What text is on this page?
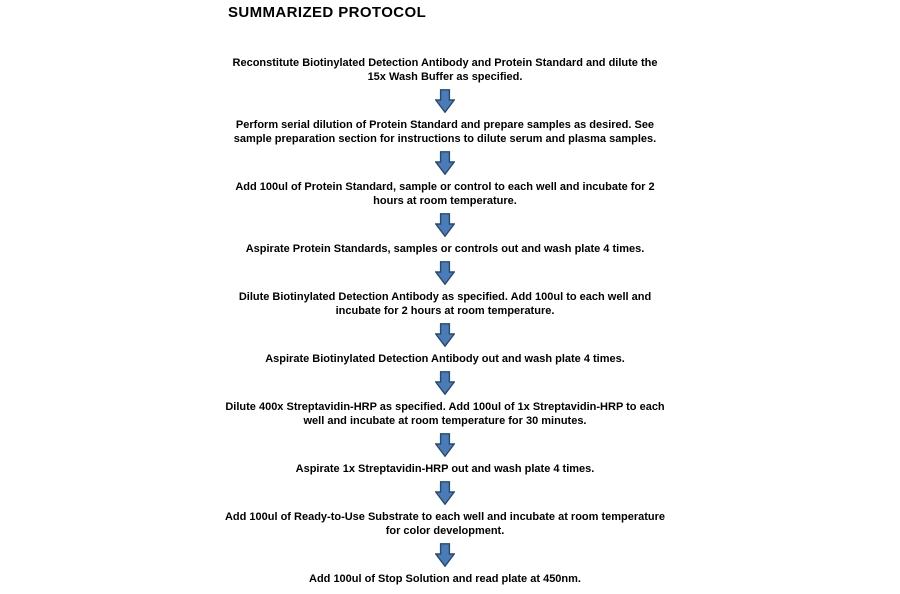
SUMMARIZED PROTOCOL
Reconstitute Biotinylated Detection Antibody and Protein Standard and dilute the 15x Wash Buffer as specified.
Perform serial dilution of Protein Standard and prepare samples as desired. See sample preparation section for instructions to dilute serum and plasma samples.
Add 100ul of Protein Standard, sample or control to each well and incubate for 2 hours at room temperature.
Aspirate Protein Standards, samples or controls out and wash plate 4 times.
Dilute Biotinylated Detection Antibody as specified. Add 100ul to each well and incubate for 2 hours at room temperature.
Aspirate Biotinylated Detection Antibody out and wash plate 4 times.
Dilute 400x Streptavidin-HRP as specified. Add 100ul of 1x Streptavidin-HRP to each well and incubate at room temperature for 30 minutes.
Aspirate 1x Streptavidin-HRP out and wash plate 4 times.
Add 100ul of Ready-to-Use Substrate to each well and incubate at room temperature for color development.
Add 100ul of Stop Solution and read plate at 450nm.
